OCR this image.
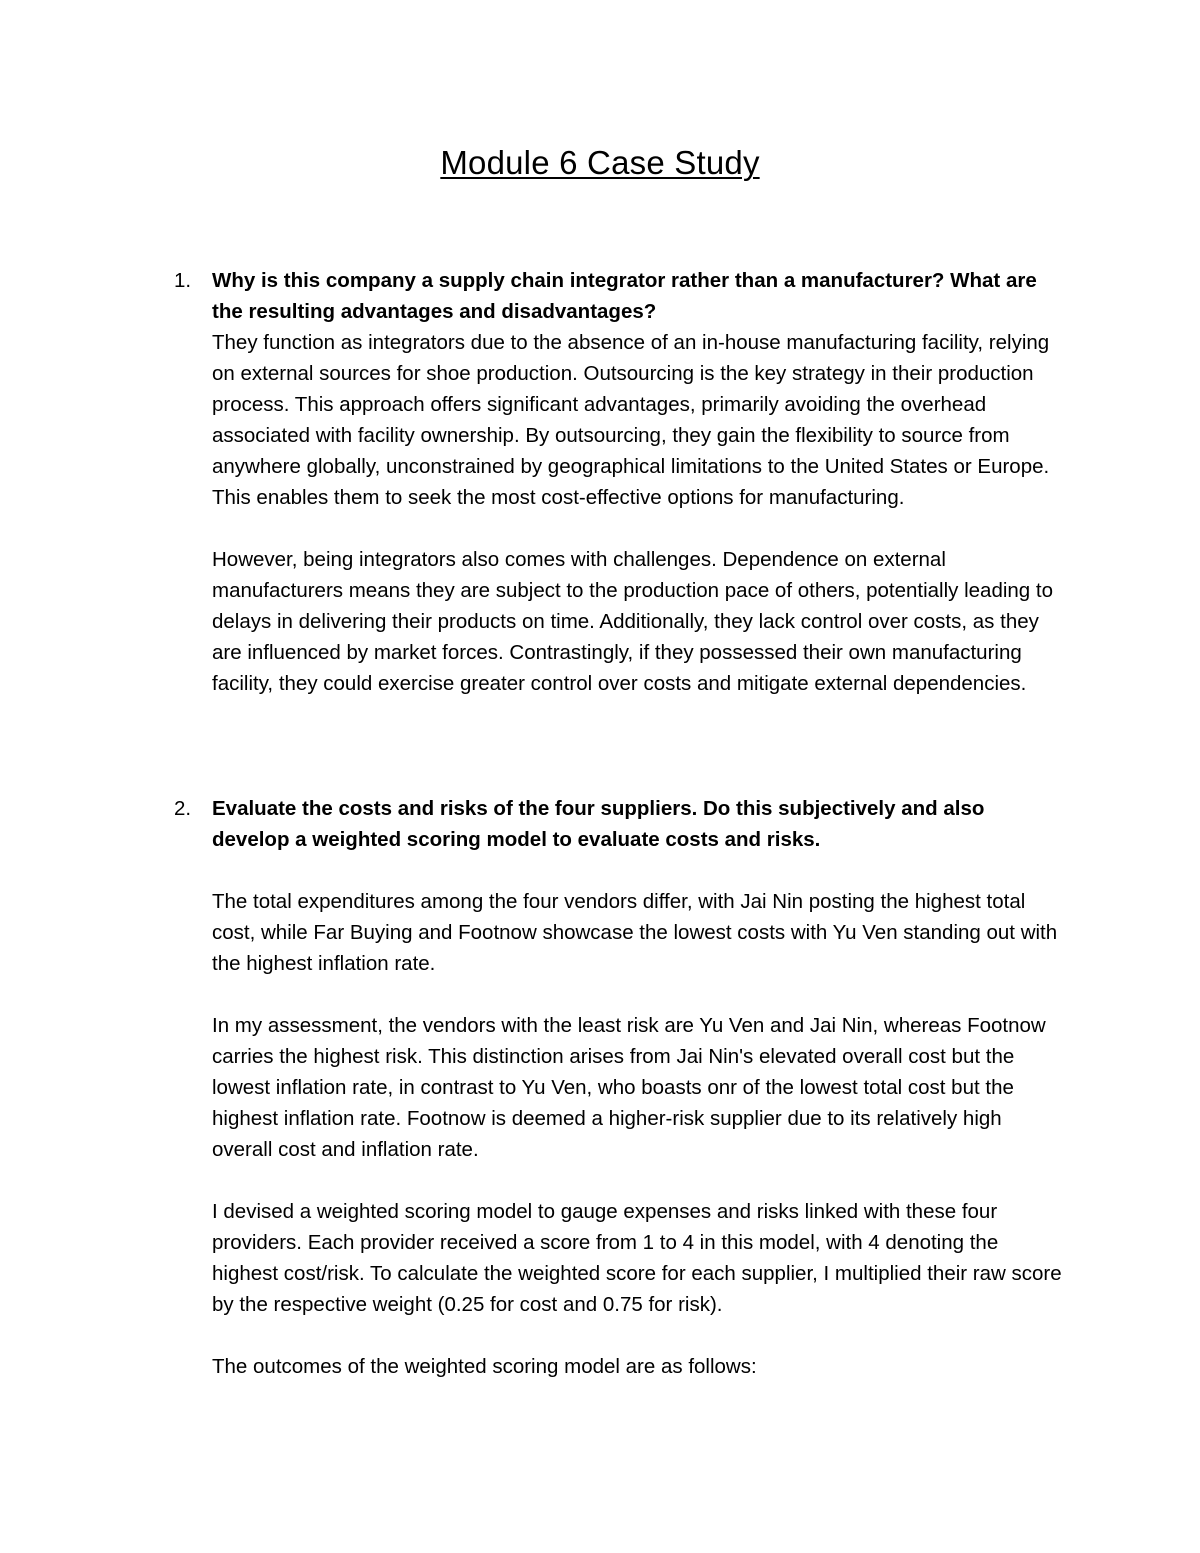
Module 6 Case Study
1.	Why is this company a supply chain integrator rather than a manufacturer? What are the resulting advantages and disadvantages?

They function as integrators due to the absence of an in-house manufacturing facility, relying on external sources for shoe production. Outsourcing is the key strategy in their production process. This approach offers significant advantages, primarily avoiding the overhead associated with facility ownership. By outsourcing, they gain the flexibility to source from anywhere globally, unconstrained by geographical limitations to the United States or Europe. This enables them to seek the most cost-effective options for manufacturing.

However, being integrators also comes with challenges. Dependence on external manufacturers means they are subject to the production pace of others, potentially leading to delays in delivering their products on time. Additionally, they lack control over costs, as they are influenced by market forces. Contrastingly, if they possessed their own manufacturing facility, they could exercise greater control over costs and mitigate external dependencies.

2.	Evaluate the costs and risks of the four suppliers. Do this subjectively and also develop a weighted scoring model to evaluate costs and risks.

The total expenditures among the four vendors differ, with Jai Nin posting the highest total cost, while Far Buying and Footnow showcase the lowest costs with Yu Ven standing out with the highest inflation rate.

In my assessment, the vendors with the least risk are Yu Ven and Jai Nin, whereas Footnow carries the highest risk. This distinction arises from Jai Nin's elevated overall cost but the lowest inflation rate, in contrast to Yu Ven, who boasts onr of the lowest total cost but the highest inflation rate. Footnow is deemed a higher-risk supplier due to its relatively high overall cost and inflation rate.

I devised a weighted scoring model to gauge expenses and risks linked with these four providers. Each provider received a score from 1 to 4 in this model, with 4 denoting the highest cost/risk. To calculate the weighted score for each supplier, I multiplied their raw score by the respective weight (0.25 for cost and 0.75 for risk).

The outcomes of the weighted scoring model are as follows:
